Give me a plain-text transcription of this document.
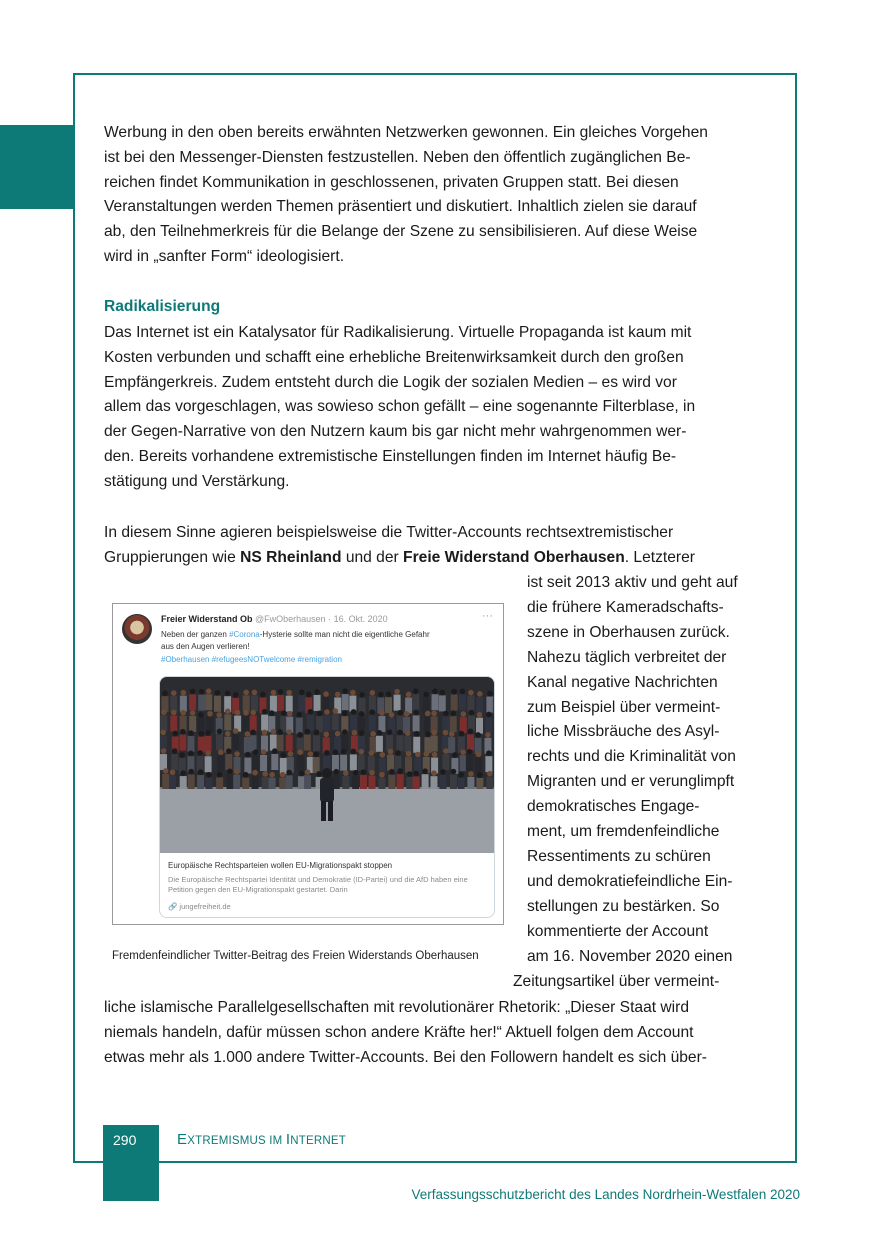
Werbung in den oben bereits erwähnten Netzwerken gewonnen. Ein gleiches Vorgehen
ist bei den Messenger-Diensten festzustellen. Neben den öffentlich zugänglichen Be-
reichen findet Kommunikation in geschlossenen, privaten Gruppen statt. Bei diesen
Veranstaltungen werden Themen präsentiert und diskutiert. Inhaltlich zielen sie darauf
ab, den Teilnehmerkreis für die Belange der Szene zu sensibilisieren. Auf diese Weise
wird in „sanfter Form“ ideologisiert.

Radikalisierung

Das Internet ist ein Katalysator für Radikalisierung. Virtuelle Propaganda ist kaum mit
Kosten verbunden und schafft eine erhebliche Breitenwirksamkeit durch den großen
Empfängerkreis. Zudem entsteht durch die Logik der sozialen Medien – es wird vor
allem das vorgeschlagen, was sowieso schon gefällt – eine sogenannte Filterblase, in
der Gegen-Narrative von den Nutzern kaum bis gar nicht mehr wahrgenommen wer-
den. Bereits vorhandene extremistische Einstellungen finden im Internet häufig Be-
stätigung und Verstärkung.

In diesem Sinne agieren beispielsweise die Twitter-Accounts rechtsextremistischer
Gruppierungen wie NS Rheinland und der Freie Widerstand Oberhausen. Letzterer

ist seit 2013 aktiv und geht auf
die frühere Kameradschafts-
szene in Oberhausen zurück.
Nahezu täglich verbreitet der
Kanal negative Nachrichten
zum Beispiel über vermeint-
liche Missbräuche des Asyl-
rechts und die Kriminalität von
Migranten und er verunglimpft
demokratisches Engage-
ment, um fremdenfeindliche
Ressentiments zu schüren
und demokratiefeindliche Ein-
stellungen zu bestärken. So
kommentierte der Account
am 16. November 2020 einen
Zeitungsartikel über vermeint-

Freier Widerstand Ob @FwOberhausen · 16. Okt. 2020	···
Neben der ganzen #Corona-Hysterie sollte man nicht die eigentliche Gefahr
aus den Augen verlieren!
#Oberhausen #refugeesNOTwelcome #remigration
Europäische Rechtsparteien wollen EU-Migrationspakt stoppen
Die Europäische Rechtspartei Identität und Demokratie (ID-Partei) und die AfD haben eine Petition gegen den EU-Migrationspakt gestartet. Darin
🔗 jungefreiheit.de

Fremdenfeindlicher Twitter-Beitrag des Freien Widerstands Oberhausen

liche islamische Parallelgesellschaften mit revolutionärer Rhetorik: „Dieser Staat wird
niemals handeln, dafür müssen schon andere Kräfte her!“ Aktuell folgen dem Account
etwas mehr als 1.000 andere Twitter-Accounts. Bei den Followern handelt es sich über-

290	EXTREMISMUS IM INTERNET
Verfassungsschutzbericht des Landes Nordrhein-Westfalen 2020
